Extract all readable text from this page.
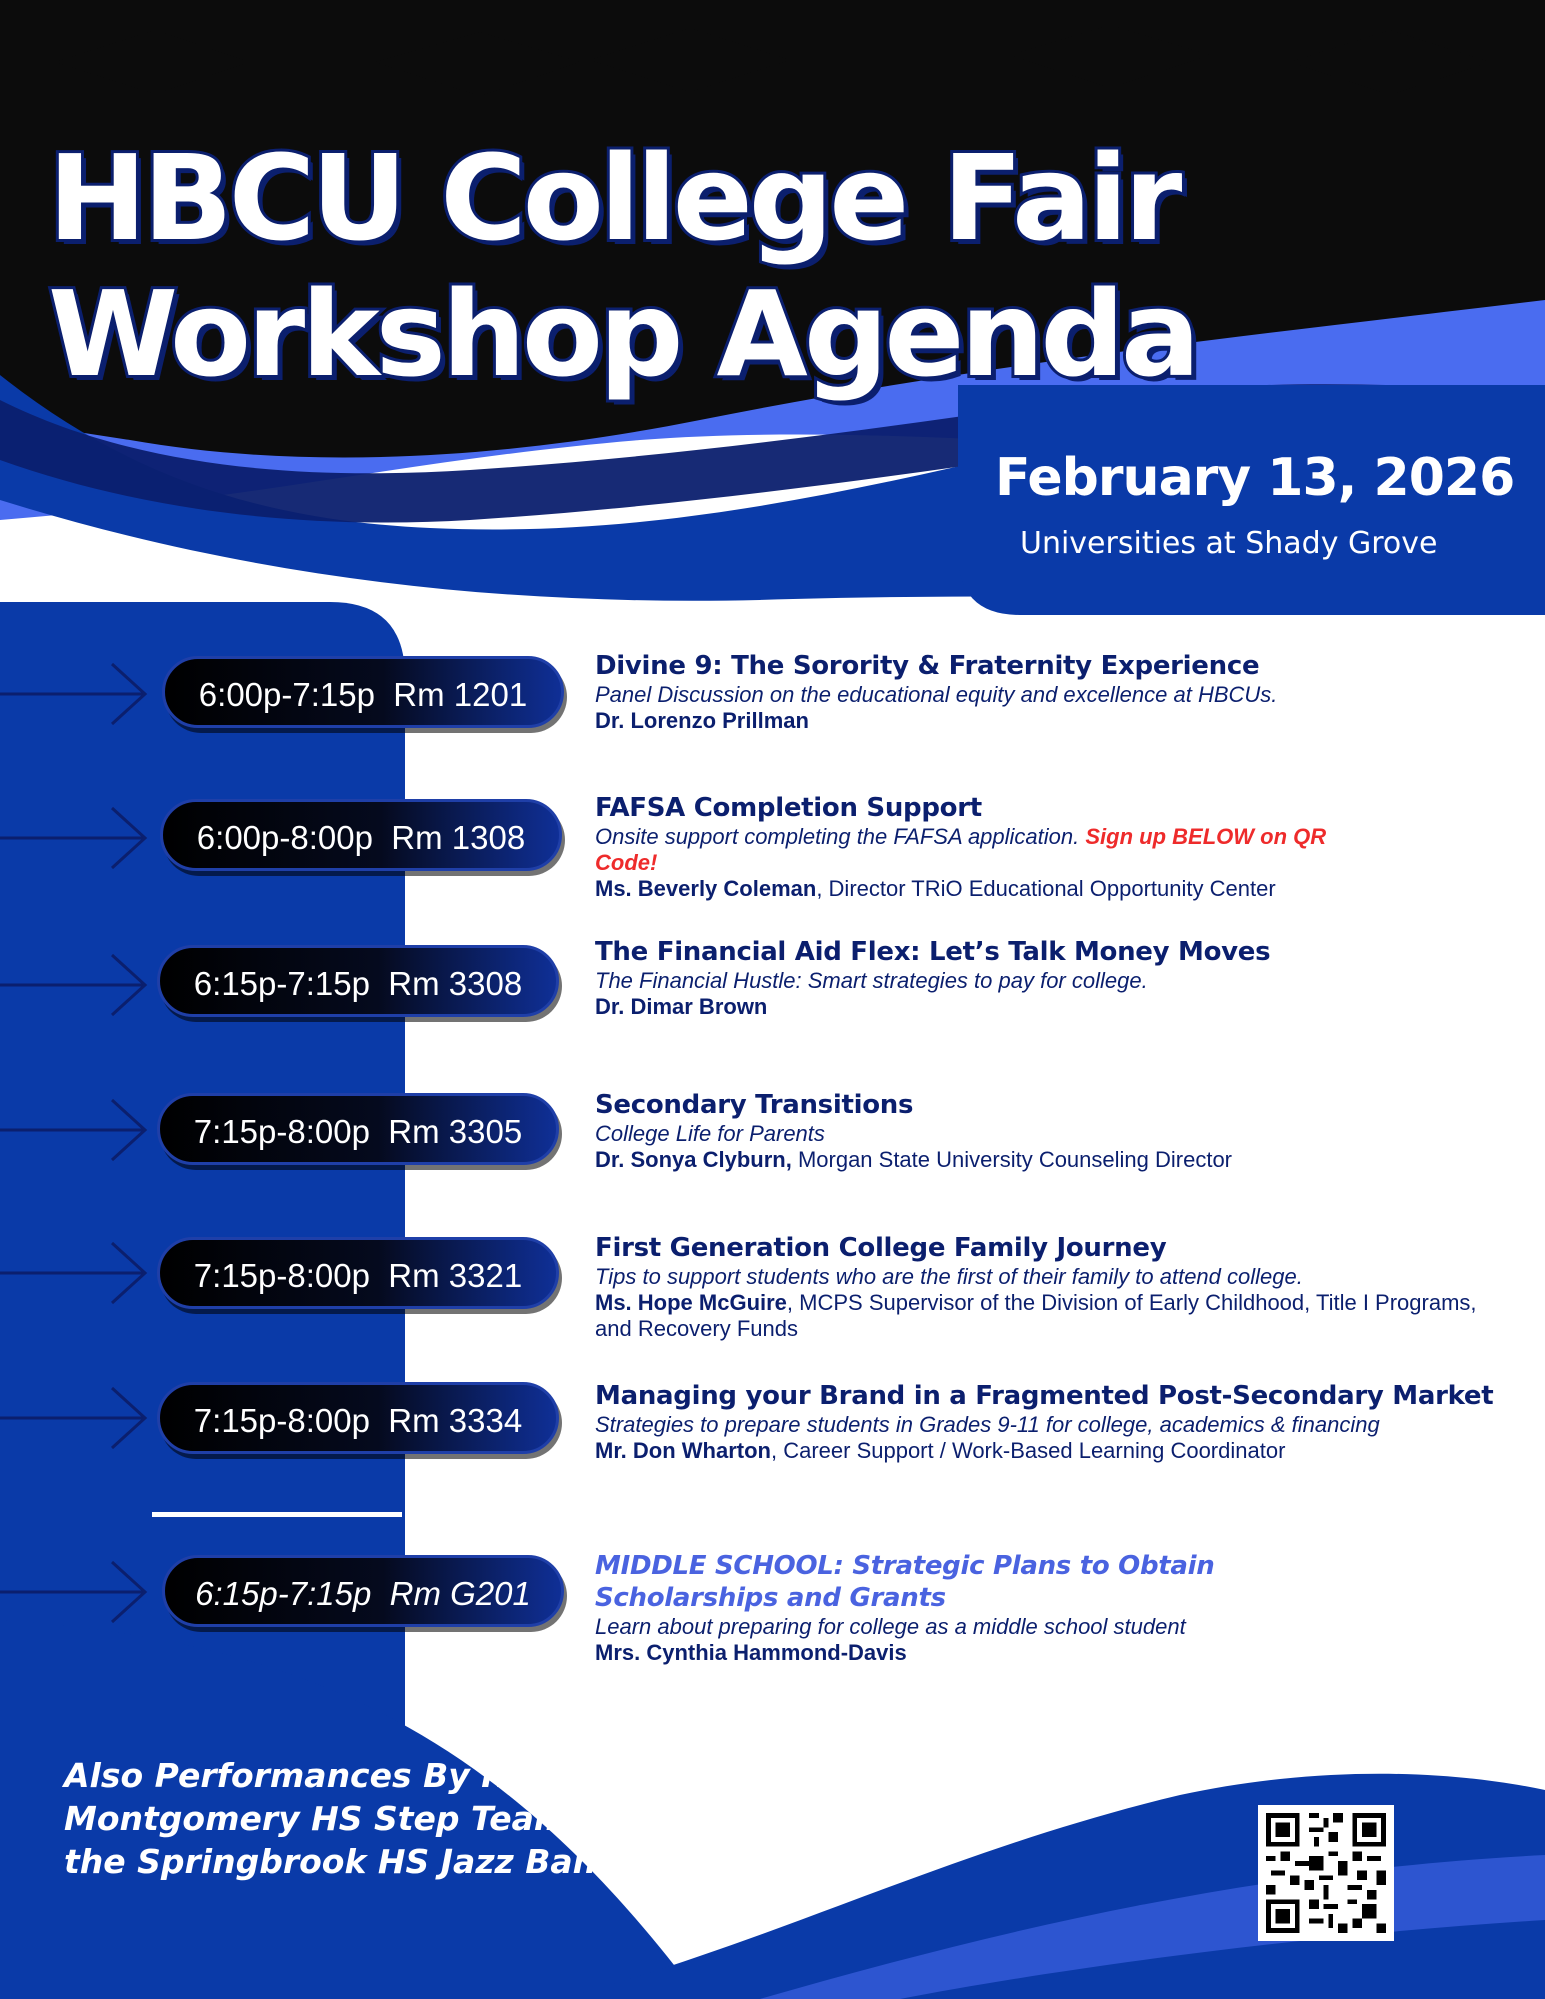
HBCU College Fair
Workshop Agenda
February 13, 2026
Universities at Shady Grove
6:00p-7:15p  Rm 1201
6:00p-8:00p  Rm 1308
6:15p-7:15p  Rm 3308
7:15p-8:00p  Rm 3305
7:15p-8:00p  Rm 3321
7:15p-8:00p  Rm 3334
6:15p-7:15p  Rm G201
Divine 9: The Sorority & Fraternity Experience
Panel Discussion on the educational equity and excellence at HBCUs.
Dr. Lorenzo Prillman
FAFSA Completion Support
Onsite support completing the FAFSA application. Sign up BELOW on QR Code!
Ms. Beverly Coleman, Director TRiO Educational Opportunity Center
The Financial Aid Flex: Let’s Talk Money Moves
The Financial Hustle: Smart strategies to pay for college.
Dr. Dimar Brown
Secondary Transitions
College Life for Parents
Dr. Sonya Clyburn, Morgan State University Counseling Director
First Generation College Family Journey
Tips to support students who are the first of their family to attend college.
Ms. Hope McGuire, MCPS Supervisor of the Division of Early Childhood, Title I Programs, and Recovery Funds
Managing your Brand in a Fragmented Post-Secondary Market
Strategies to prepare students in Grades 9-11 for college, academics & financing
Mr. Don Wharton, Career Support / Work-Based Learning Coordinator
MIDDLE SCHOOL: Strategic Plans to Obtain Scholarships and Grants
Learn about preparing for college as a middle school student
Mrs. Cynthia Hammond-Davis
Also Performances By Richard Montgomery HS Step Team and the Springbrook HS Jazz Band
